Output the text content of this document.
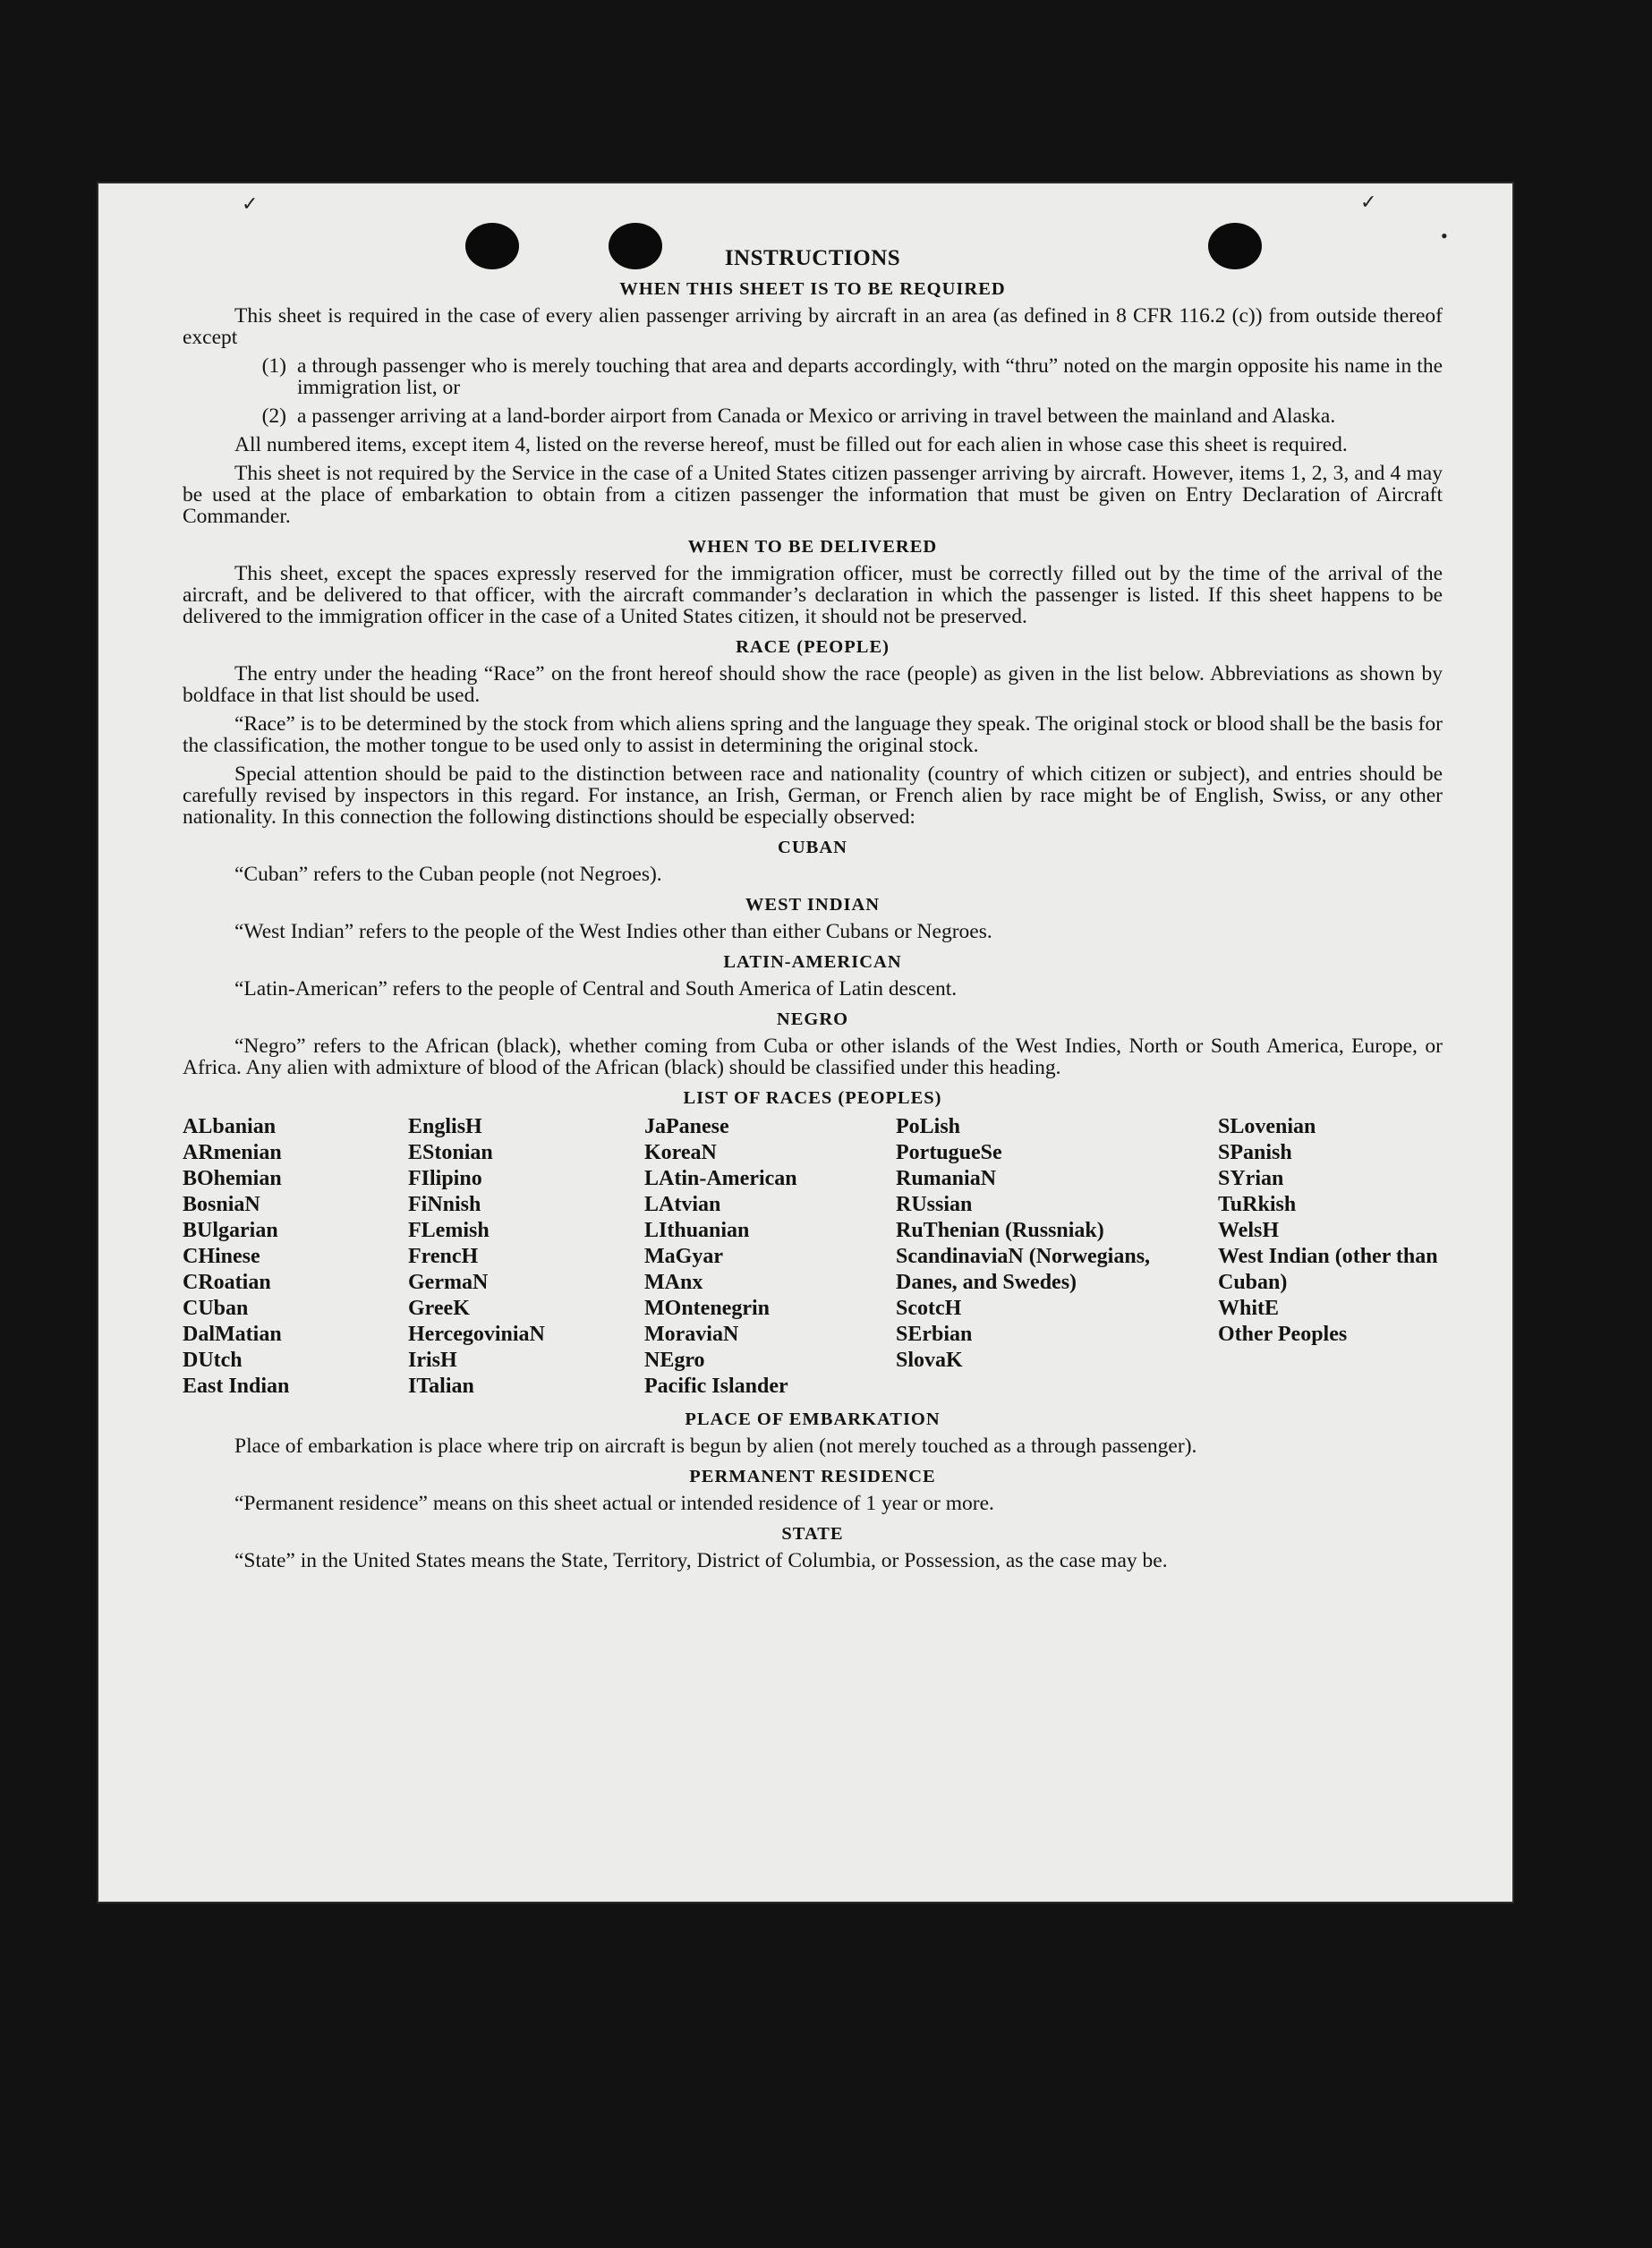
✓	✓
•
INSTRUCTIONS
WHEN THIS SHEET IS TO BE REQUIRED

This sheet is required in the case of every alien passenger arriving by aircraft in an area (as defined in 8 CFR 116.2 (c)) from outside thereof except

(1) a through passenger who is merely touching that area and departs accordingly, with “thru” noted on the margin opposite his name in the immigration list, or
(2) a passenger arriving at a land-border airport from Canada or Mexico or arriving in travel between the mainland and Alaska.

All numbered items, except item 4, listed on the reverse hereof, must be filled out for each alien in whose case this sheet is required.

This sheet is not required by the Service in the case of a United States citizen passenger arriving by aircraft. However, items 1, 2, 3, and 4 may be used at the place of embarkation to obtain from a citizen passenger the information that must be given on Entry Declaration of Aircraft Commander.

WHEN TO BE DELIVERED

This sheet, except the spaces expressly reserved for the immigration officer, must be correctly filled out by the time of the arrival of the aircraft, and be delivered to that officer, with the aircraft commander’s declaration in which the passenger is listed. If this sheet happens to be delivered to the immigration officer in the case of a United States citizen, it should not be preserved.

RACE (PEOPLE)

The entry under the heading “Race” on the front hereof should show the race (people) as given in the list below. Abbreviations as shown by boldface in that list should be used.

“Race” is to be determined by the stock from which aliens spring and the language they speak. The original stock or blood shall be the basis for the classification, the mother tongue to be used only to assist in determining the original stock.

Special attention should be paid to the distinction between race and nationality (country of which citizen or subject), and entries should be carefully revised by inspectors in this regard. For instance, an Irish, German, or French alien by race might be of English, Swiss, or any other nationality. In this connection the following distinctions should be especially observed:

CUBAN

“Cuban” refers to the Cuban people (not Negroes).

WEST INDIAN

“West Indian” refers to the people of the West Indies other than either Cubans or Negroes.

LATIN-AMERICAN

“Latin-American” refers to the people of Central and South America of Latin descent.

NEGRO

“Negro” refers to the African (black), whether coming from Cuba or other islands of the West Indies, North or South America, Europe, or Africa. Any alien with admixture of blood of the African (black) should be classified under this heading.

LIST OF RACES (PEOPLES)
ALbanian
ARmenian
BOhemian
BosniaN
BUlgarian
CHinese
CRoatian
CUban
DalMatian
DUtch
East Indian
EnglisH
EStonian
FIlipino
FiNnish
FLemish
FrencH
GermaN
GreeK
HercegoviniaN
IrisH
ITalian
JaPanese
KoreaN
LAtin-American
LAtvian
LIthuanian
MaGyar
MAnx
MOntenegrin
MoraviaN
NEgro
Pacific Islander
PoLish
PortugueSe
RumaniaN
RUssian
RuThenian (Russniak)
ScandinaviaN (Norwegians, Danes, and Swedes)
ScotcH
SErbian
SlovaK
SLovenian
SPanish
SYrian
TuRkish
WelsH
West Indian (other than Cuban)
WhitE
Other Peoples
PLACE OF EMBARKATION

Place of embarkation is place where trip on aircraft is begun by alien (not merely touched as a through passenger).

PERMANENT RESIDENCE

“Permanent residence” means on this sheet actual or intended residence of 1 year or more.

STATE

“State” in the United States means the State, Territory, District of Columbia, or Possession, as the case may be.
